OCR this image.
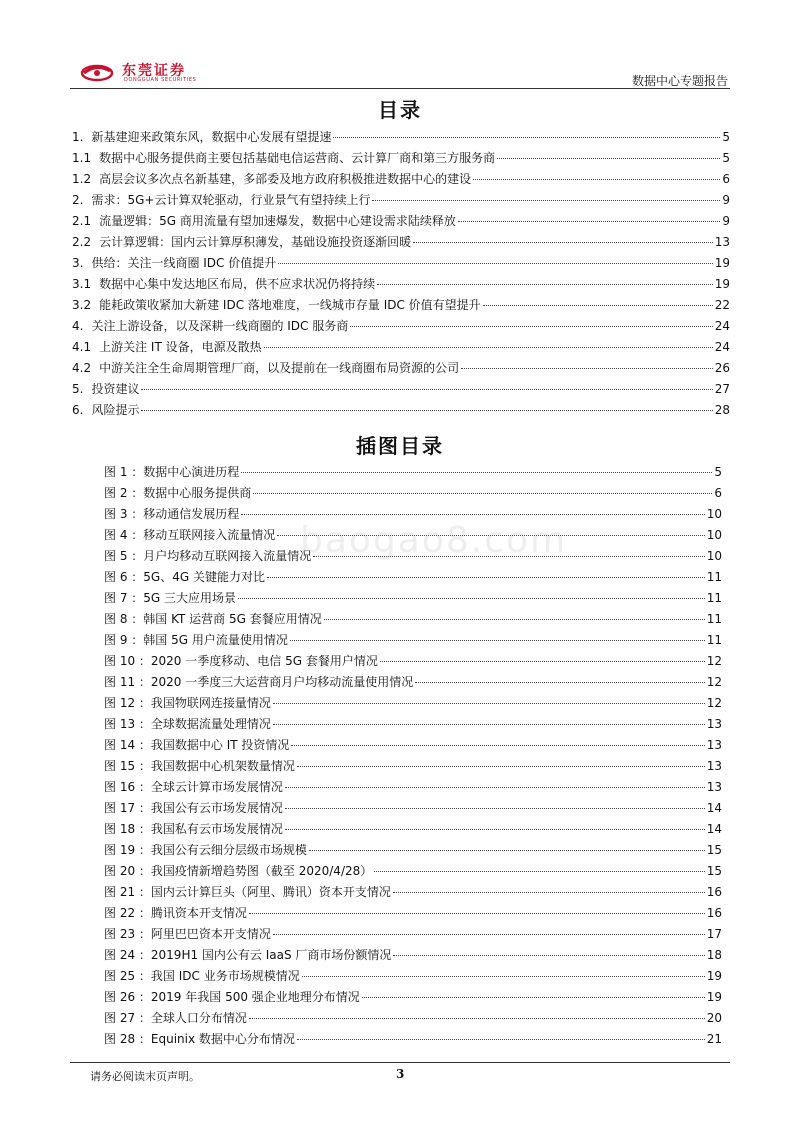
东莞证券
DONGGUAN SECURITIES	数据中心专题报告
目录
1. 新基建迎来政策东风，数据中心发展有望提速	5
1.1 数据中心服务提供商主要包括基础电信运营商、云计算厂商和第三方服务商	5
1.2 高层会议多次点名新基建，多部委及地方政府积极推进数据中心的建设	6
2. 需求：5G+云计算双轮驱动，行业景气有望持续上行	9
2.1 流量逻辑：5G 商用流量有望加速爆发，数据中心建设需求陆续释放	9
2.2 云计算逻辑：国内云计算厚积薄发，基础设施投资逐渐回暖	13
3. 供给：关注一线商圈 IDC 价值提升	19
3.1 数据中心集中发达地区布局，供不应求状况仍将持续	19
3.2 能耗政策收紧加大新建 IDC 落地难度，一线城市存量 IDC 价值有望提升	22
4. 关注上游设备，以及深耕一线商圈的 IDC 服务商	24
4.1 上游关注 IT 设备，电源及散热	24
4.2 中游关注全生命周期管理厂商，以及提前在一线商圈布局资源的公司	26
5. 投资建议	27
6. 风险提示	28
插图目录
图 1 ： 数据中心演进历程	5
图 2 ： 数据中心服务提供商	6
图 3 ： 移动通信发展历程	10
图 4 ： 移动互联网接入流量情况	10
图 5 ： 月户均移动互联网接入流量情况	10
图 6 ： 5G、4G 关键能力对比	11
图 7 ： 5G 三大应用场景	11
图 8 ： 韩国 KT 运营商 5G 套餐应用情况	11
图 9 ： 韩国 5G 用户流量使用情况	11
图 10 ： 2020 一季度移动、电信 5G 套餐用户情况	12
图 11 ： 2020 一季度三大运营商月户均移动流量使用情况	12
图 12 ： 我国物联网连接量情况	12
图 13 ： 全球数据流量处理情况	13
图 14 ： 我国数据中心 IT 投资情况	13
图 15 ： 我国数据中心机架数量情况	13
图 16 ： 全球云计算市场发展情况	13
图 17 ： 我国公有云市场发展情况	14
图 18 ： 我国私有云市场发展情况	14
图 19 ： 我国公有云细分层级市场规模	15
图 20 ： 我国疫情新增趋势图（截至 2020/4/28）	15
图 21 ： 国内云计算巨头（阿里、腾讯）资本开支情况	16
图 22 ： 腾讯资本开支情况	16
图 23 ： 阿里巴巴资本开支情况	17
图 24 ： 2019H1 国内公有云 IaaS 厂商市场份额情况	18
图 25 ： 我国 IDC 业务市场规模情况	19
图 26 ： 2019 年我国 500 强企业地理分布情况	19
图 27 ： 全球人口分布情况	20
图 28 ： Equinix 数据中心分布情况	21
baogao8.com
请务必阅读末页声明。	3
